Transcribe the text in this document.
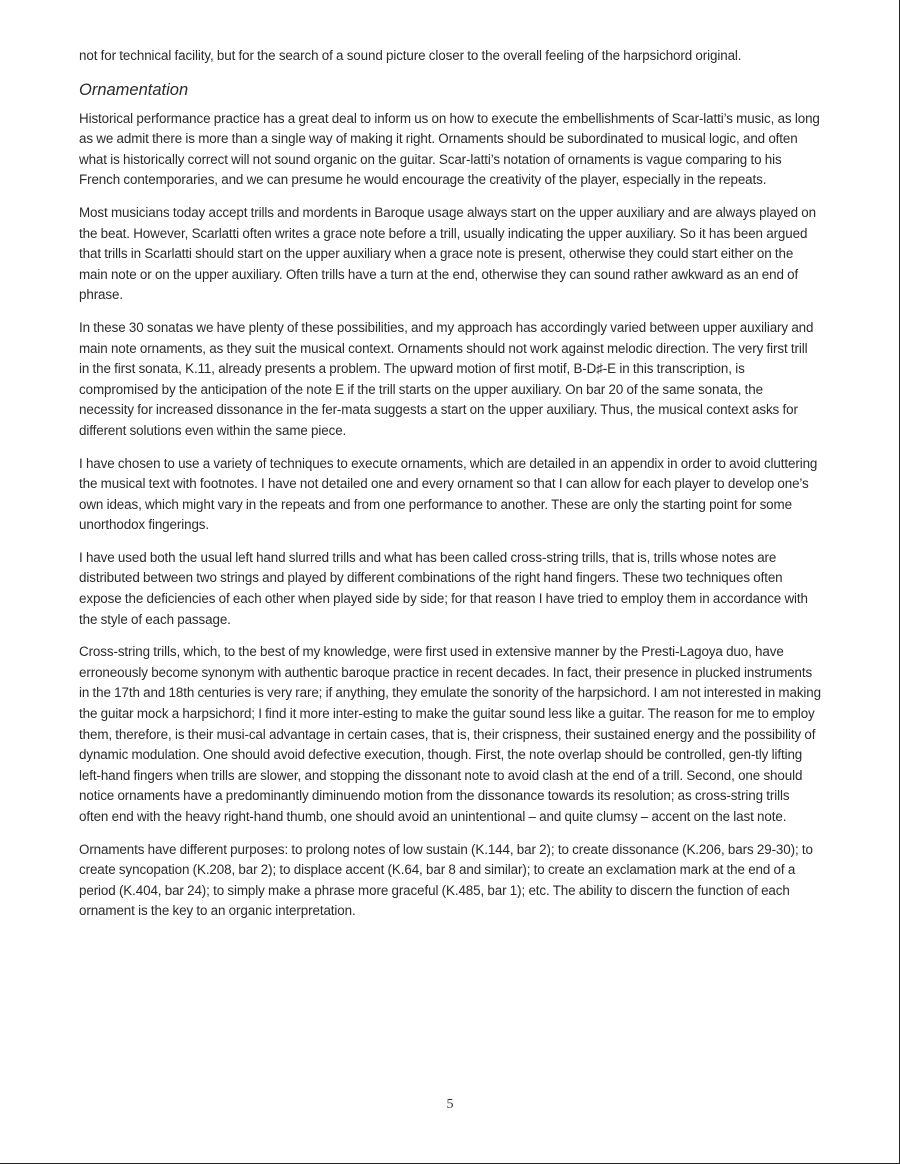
not for technical facility, but for the search of a sound picture closer to the overall feeling of the harpsichord original.

Ornamentation

Historical performance practice has a great deal to inform us on how to execute the embellishments of Scar-latti’s music, as long as we admit there is more than a single way of making it right. Ornaments should be subordinated to musical logic, and often what is historically correct will not sound organic on the guitar. Scar-latti’s notation of ornaments is vague comparing to his French contemporaries, and we can presume he would encourage the creativity of the player, especially in the repeats.

Most musicians today accept trills and mordents in Baroque usage always start on the upper auxiliary and are always played on the beat. However, Scarlatti often writes a grace note before a trill, usually indicating the upper auxiliary. So it has been argued that trills in Scarlatti should start on the upper auxiliary when a grace note is present, otherwise they could start either on the main note or on the upper auxiliary. Often trills have a turn at the end, otherwise they can sound rather awkward as an end of phrase.

In these 30 sonatas we have plenty of these possibilities, and my approach has accordingly varied between upper auxiliary and main note ornaments, as they suit the musical context. Ornaments should not work against melodic direction. The very first trill in the first sonata, K.11, already presents a problem. The upward motion of first motif, B-D♯-E in this transcription, is compromised by the anticipation of the note E if the trill starts on the upper auxiliary. On bar 20 of the same sonata, the necessity for increased dissonance in the fer-mata suggests a start on the upper auxiliary. Thus, the musical context asks for different solutions even within the same piece.

I have chosen to use a variety of techniques to execute ornaments, which are detailed in an appendix in order to avoid cluttering the musical text with footnotes. I have not detailed one and every ornament so that I can allow for each player to develop one’s own ideas, which might vary in the repeats and from one performance to another. These are only the starting point for some unorthodox fingerings.

I have used both the usual left hand slurred trills and what has been called cross-string trills, that is, trills whose notes are distributed between two strings and played by different combinations of the right hand fingers. These two techniques often expose the deficiencies of each other when played side by side; for that reason I have tried to employ them in accordance with the style of each passage.

Cross-string trills, which, to the best of my knowledge, were first used in extensive manner by the Presti-Lagoya duo, have erroneously become synonym with authentic baroque practice in recent decades. In fact, their presence in plucked instruments in the 17th and 18th centuries is very rare; if anything, they emulate the sonority of the harpsichord. I am not interested in making the guitar mock a harpsichord; I find it more inter-esting to make the guitar sound less like a guitar. The reason for me to employ them, therefore, is their musi-cal advantage in certain cases, that is, their crispness, their sustained energy and the possibility of dynamic modulation. One should avoid defective execution, though. First, the note overlap should be controlled, gen-tly lifting left-hand fingers when trills are slower, and stopping the dissonant note to avoid clash at the end of a trill. Second, one should notice ornaments have a predominantly diminuendo motion from the dissonance towards its resolution; as cross-string trills often end with the heavy right-hand thumb, one should avoid an unintentional – and quite clumsy – accent on the last note.

Ornaments have different purposes: to prolong notes of low sustain (K.144, bar 2); to create dissonance (K.206, bars 29-30); to create syncopation (K.208, bar 2); to displace accent (K.64, bar 8 and similar); to create an exclamation mark at the end of a period (K.404, bar 24); to simply make a phrase more graceful (K.485, bar 1); etc. The ability to discern the function of each ornament is the key to an organic interpretation.

5
